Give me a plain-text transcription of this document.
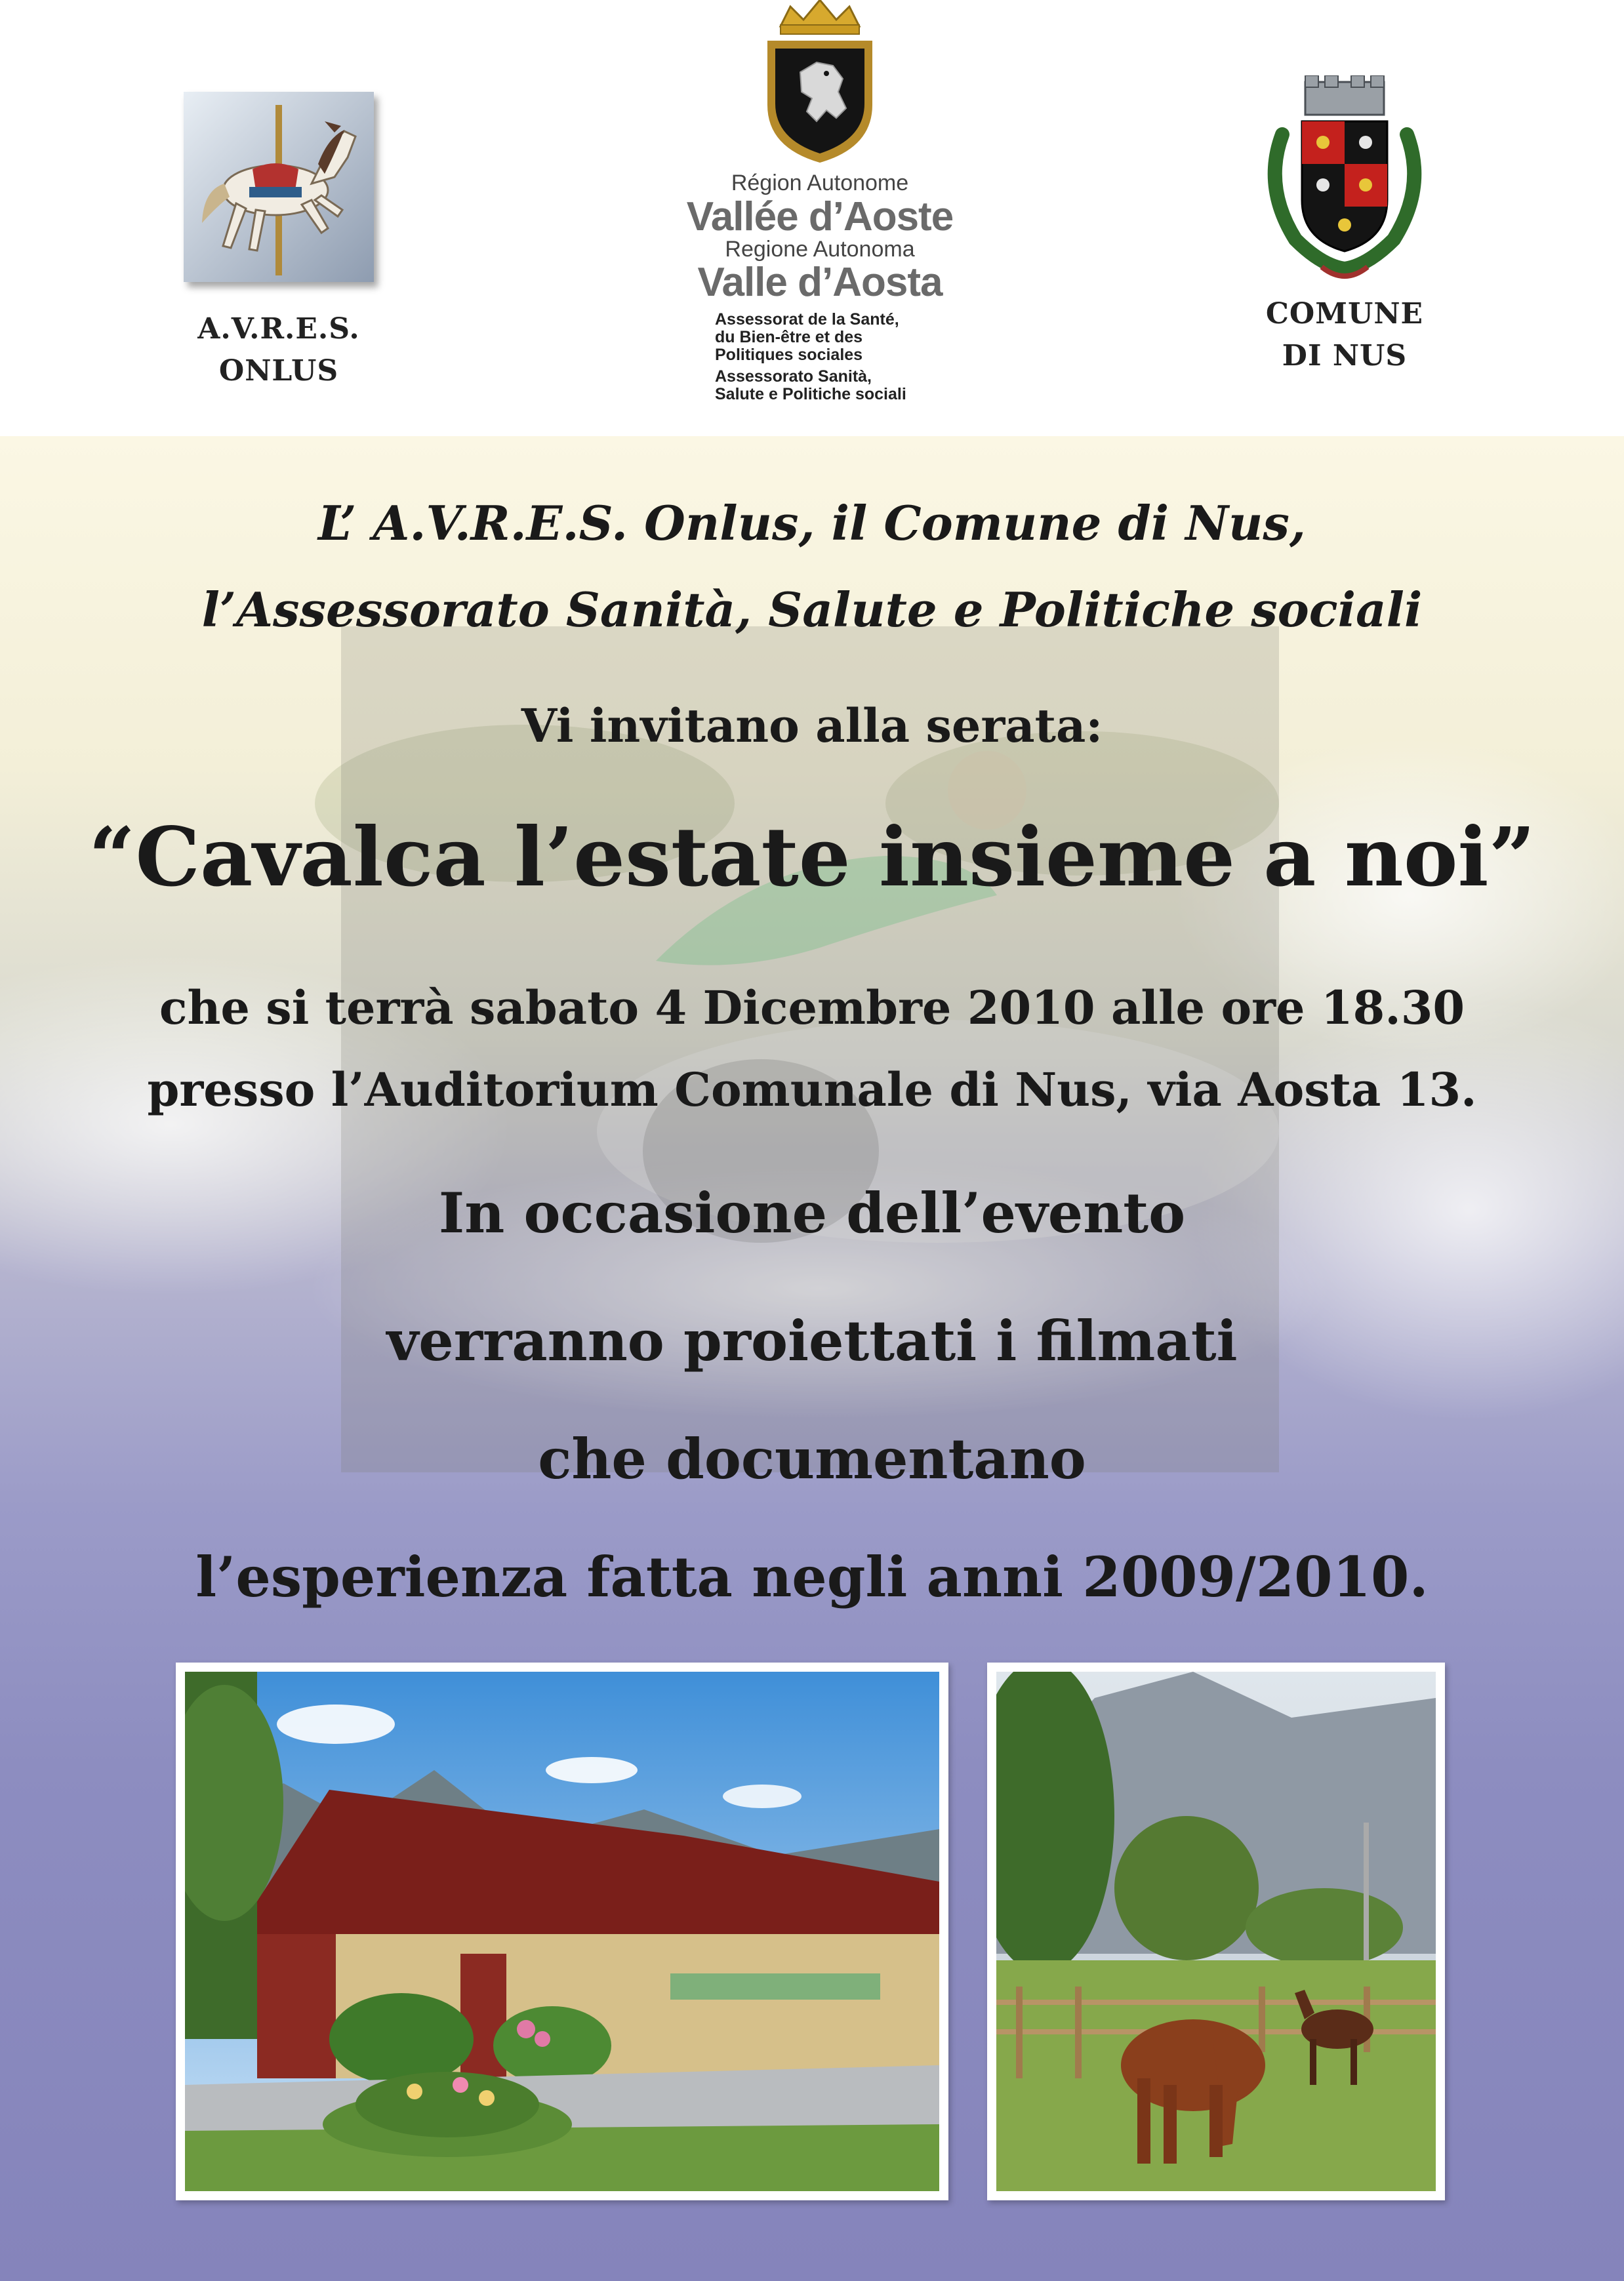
A.V.R.E.S.
ONLUS
Région Autonome
Vallée d’Aoste
Regione Autonoma
Valle d’Aosta
Assessorat de la Santé,
du Bien-être et des
Politiques sociales
Assessorato Sanità,
Salute e Politiche sociali
COMUNE
DI NUS
L’ A.V.R.E.S. Onlus, il Comune di Nus,
l’Assessorato Sanità, Salute e Politiche sociali
Vi invitano alla serata:
“Cavalca l’estate insieme a noi”
che si terrà sabato 4 Dicembre 2010 alle ore 18.30
presso l’Auditorium Comunale di Nus, via Aosta 13.
In occasione dell’evento
verranno proiettati i filmati
che documentano
l’esperienza fatta negli anni 2009/2010.
